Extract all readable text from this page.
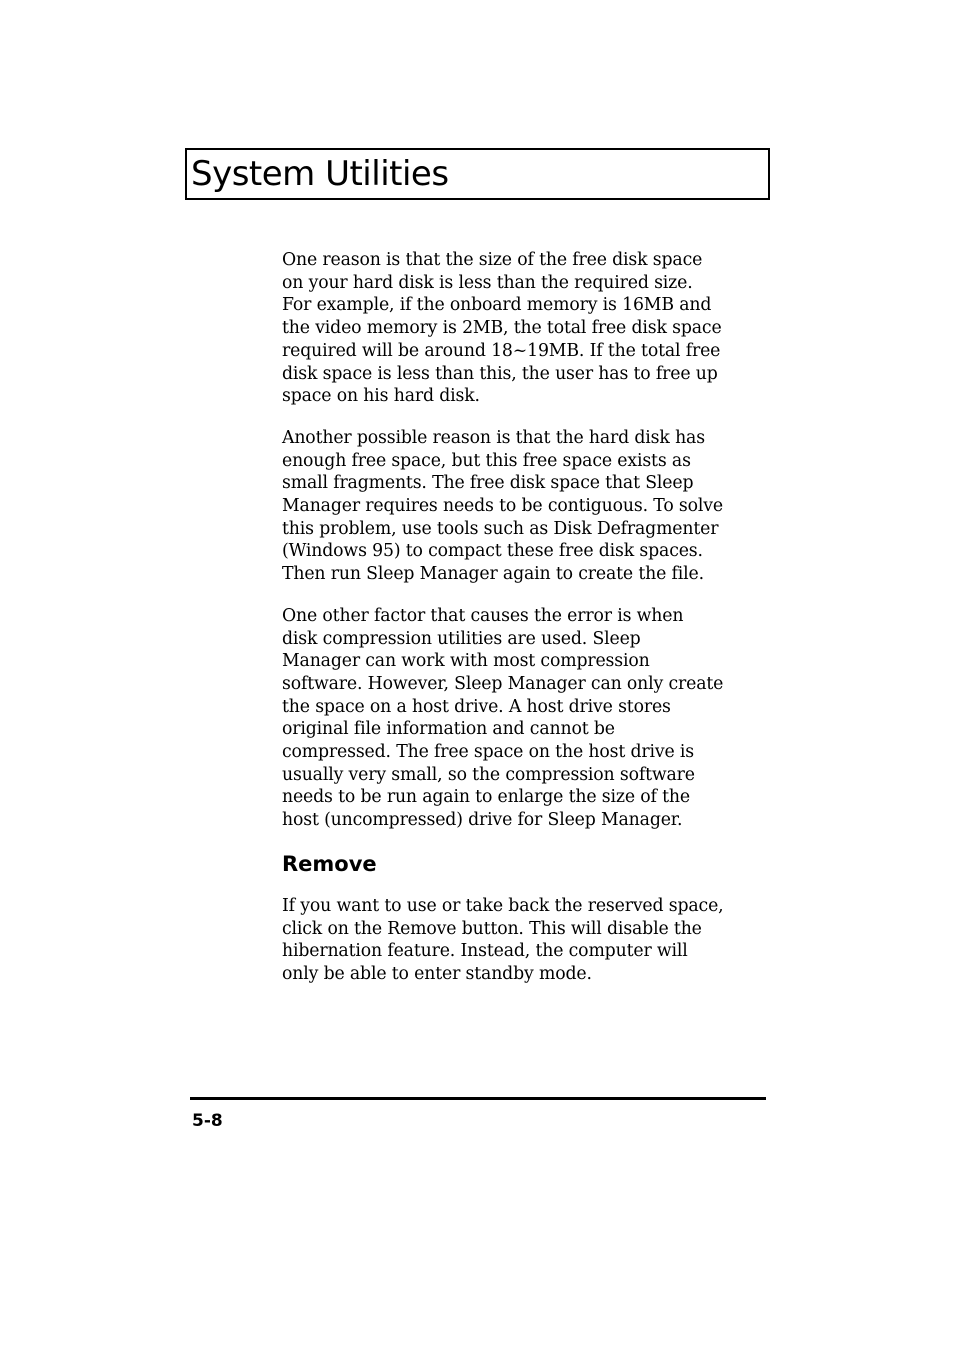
System Utilities

One reason is that the size of the free disk space
on your hard disk is less than the required size.
For example, if the onboard memory is 16MB and
the video memory is 2MB, the total free disk space
required will be around 18~19MB. If the total free
disk space is less than this, the user has to free up
space on his hard disk.

Another possible reason is that the hard disk has
enough free space, but this free space exists as
small fragments. The free disk space that Sleep
Manager requires needs to be contiguous. To solve
this problem, use tools such as Disk Defragmenter
(Windows 95) to compact these free disk spaces.
Then run Sleep Manager again to create the file.

One other factor that causes the error is when
disk compression utilities are used. Sleep
Manager can work with most compression
software. However, Sleep Manager can only create
the space on a host drive. A host drive stores
original file information and cannot be
compressed. The free space on the host drive is
usually very small, so the compression software
needs to be run again to enlarge the size of the
host (uncompressed) drive for Sleep Manager.

Remove

If you want to use or take back the reserved space,
click on the Remove button. This will disable the
hibernation feature. Instead, the computer will
only be able to enter standby mode.

5-8
